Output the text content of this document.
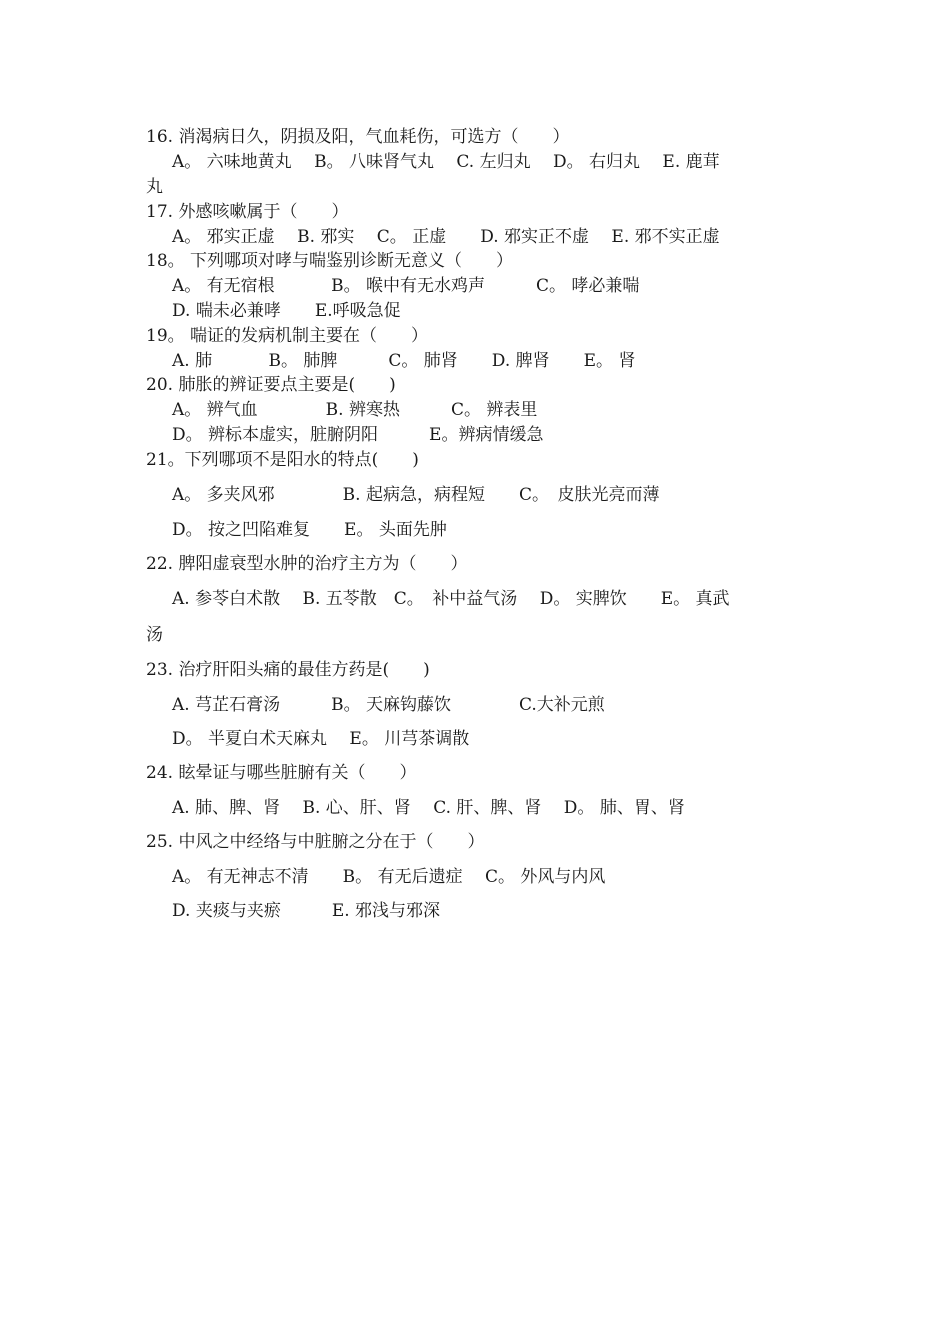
16. 消渴病日久，阴损及阳，气血耗伤，可选方（　　）
A。 六味地黄丸　 B。 八味肾气丸　 C. 左归丸　 D。 右归丸　 E. 鹿茸
丸
17. 外感咳嗽属于（　　）
A。 邪实正虚　 B. 邪实　 C。 正虚　　D. 邪实正不虚　 E. 邪不实正虚
18。 下列哪项对哮与喘鉴别诊断无意义（　　）
A。 有无宿根　　　 B。 喉中有无水鸡声　　　C。 哮必兼喘
D. 喘未必兼哮　　E.呼吸急促
19。 喘证的发病机制主要在（　　）
A. 肺　　　 B。 肺脾　　　C。 肺肾　　D. 脾肾　　E。 肾
20. 肺胀的辨证要点主要是(　　)
A。 辨气血　　　　B. 辨寒热　　　C。 辨表里
D。 辨标本虚实，脏腑阴阳　　　E。辨病情缓急
21。下列哪项不是阳水的特点(　　)
A。 多夹风邪　　　　B. 起病急，病程短　　C。　皮肤光亮而薄
D。 按之凹陷难复　　E。 头面先肿
22. 脾阳虚衰型水肿的治疗主方为（　　）
A. 参苓白术散　 B. 五苓散　C。　补中益气汤　 D。 实脾饮　　E。 真武
汤
23. 治疗肝阳头痛的最佳方药是(　　)
A. 芎芷石膏汤　　　B。 天麻钩藤饮　　　　C.大补元煎
D。 半夏白术天麻丸　 E。 川芎茶调散
24. 眩晕证与哪些脏腑有关（　　）
A. 肺、脾、肾　 B. 心、肝、肾　 C. 肝、脾、肾　 D。 肺、胃、肾
25. 中风之中经络与中脏腑之分在于（　　）
A。 有无神志不清　　B。 有无后遗症　 C。 外风与内风
D. 夹痰与夹瘀　　　E. 邪浅与邪深
